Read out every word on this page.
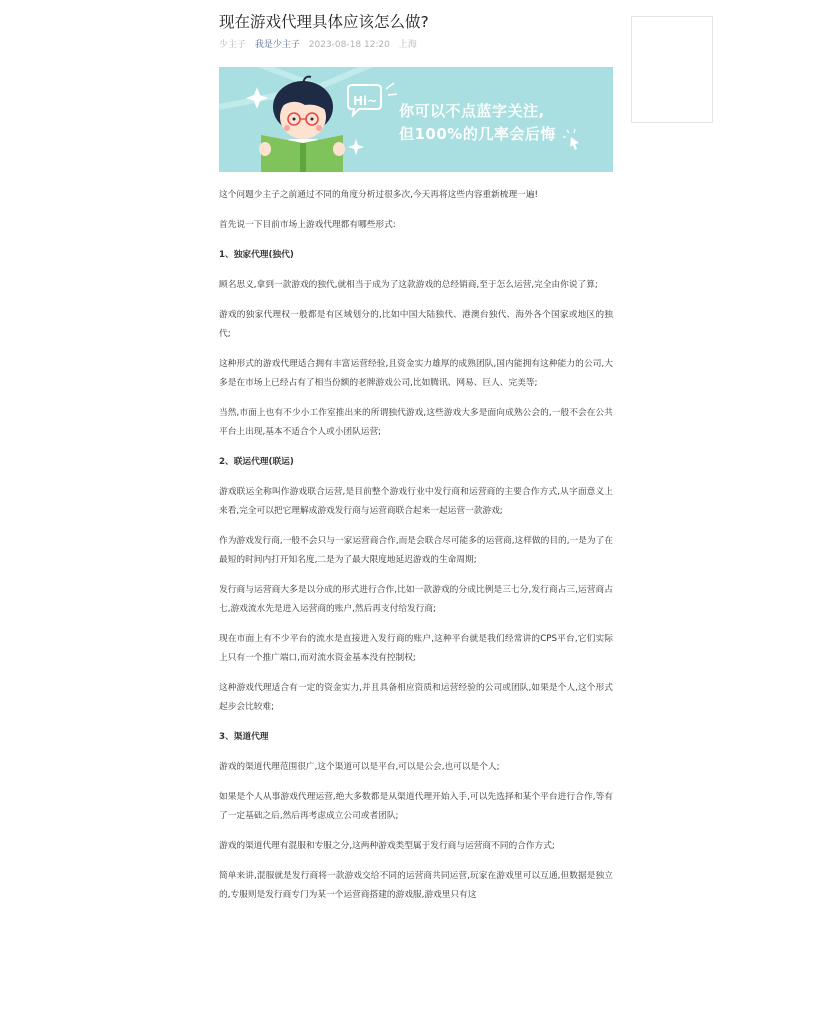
现在游戏代理具体应该怎么做?
少主子 我是少主子 2023-08-18 12:20 上海
Hi~
你可以不点蓝字关注,
但100%的几率会后悔

这个问题少主子之前通过不同的角度分析过很多次,今天再将这些内容重新梳理一遍!

首先说一下目前市场上游戏代理都有哪些形式:

1、独家代理(独代)

顾名思义,拿到一款游戏的独代,就相当于成为了这款游戏的总经销商,至于怎么运营,完全由你说了算;

游戏的独家代理权一般都是有区域划分的,比如中国大陆独代、港澳台独代、海外各个国家或地区的独代;

这种形式的游戏代理适合拥有丰富运营经验,且资金实力雄厚的成熟团队,国内能拥有这种能力的公司,大多是在市场上已经占有了相当份额的老牌游戏公司,比如腾讯、网易、巨人、完美等;

当然,市面上也有不少小工作室推出来的所谓独代游戏,这些游戏大多是面向成熟公会的,一般不会在公共平台上出现,基本不适合个人或小团队运营;

2、联运代理(联运)

游戏联运全称叫作游戏联合运营,是目前整个游戏行业中发行商和运营商的主要合作方式,从字面意义上来看,完全可以把它理解成游戏发行商与运营商联合起来一起运营一款游戏;

作为游戏发行商,一般不会只与一家运营商合作,而是会联合尽可能多的运营商,这样做的目的,一是为了在最短的时间内打开知名度,二是为了最大限度地延迟游戏的生命周期;

发行商与运营商大多是以分成的形式进行合作,比如一款游戏的分成比例是三七分,发行商占三,运营商占七,游戏流水先是进入运营商的账户,然后再支付给发行商;

现在市面上有不少平台的流水是直接进入发行商的账户,这种平台就是我们经常讲的CPS平台,它们实际上只有一个推广端口,而对流水资金基本没有控制权;

这种游戏代理适合有一定的资金实力,并且具备相应资质和运营经验的公司或团队,如果是个人,这个形式起步会比较难;

3、渠道代理

游戏的渠道代理范围很广,这个渠道可以是平台,可以是公会,也可以是个人;

如果是个人从事游戏代理运营,绝大多数都是从渠道代理开始入手,可以先选择和某个平台进行合作,等有了一定基础之后,然后再考虑成立公司或者团队;

游戏的渠道代理有混服和专服之分,这两种游戏类型属于发行商与运营商不同的合作方式;

简单来讲,混服就是发行商将一款游戏交给不同的运营商共同运营,玩家在游戏里可以互通,但数据是独立的,专服则是发行商专门为某一个运营商搭建的游戏服,游戏里只有这
